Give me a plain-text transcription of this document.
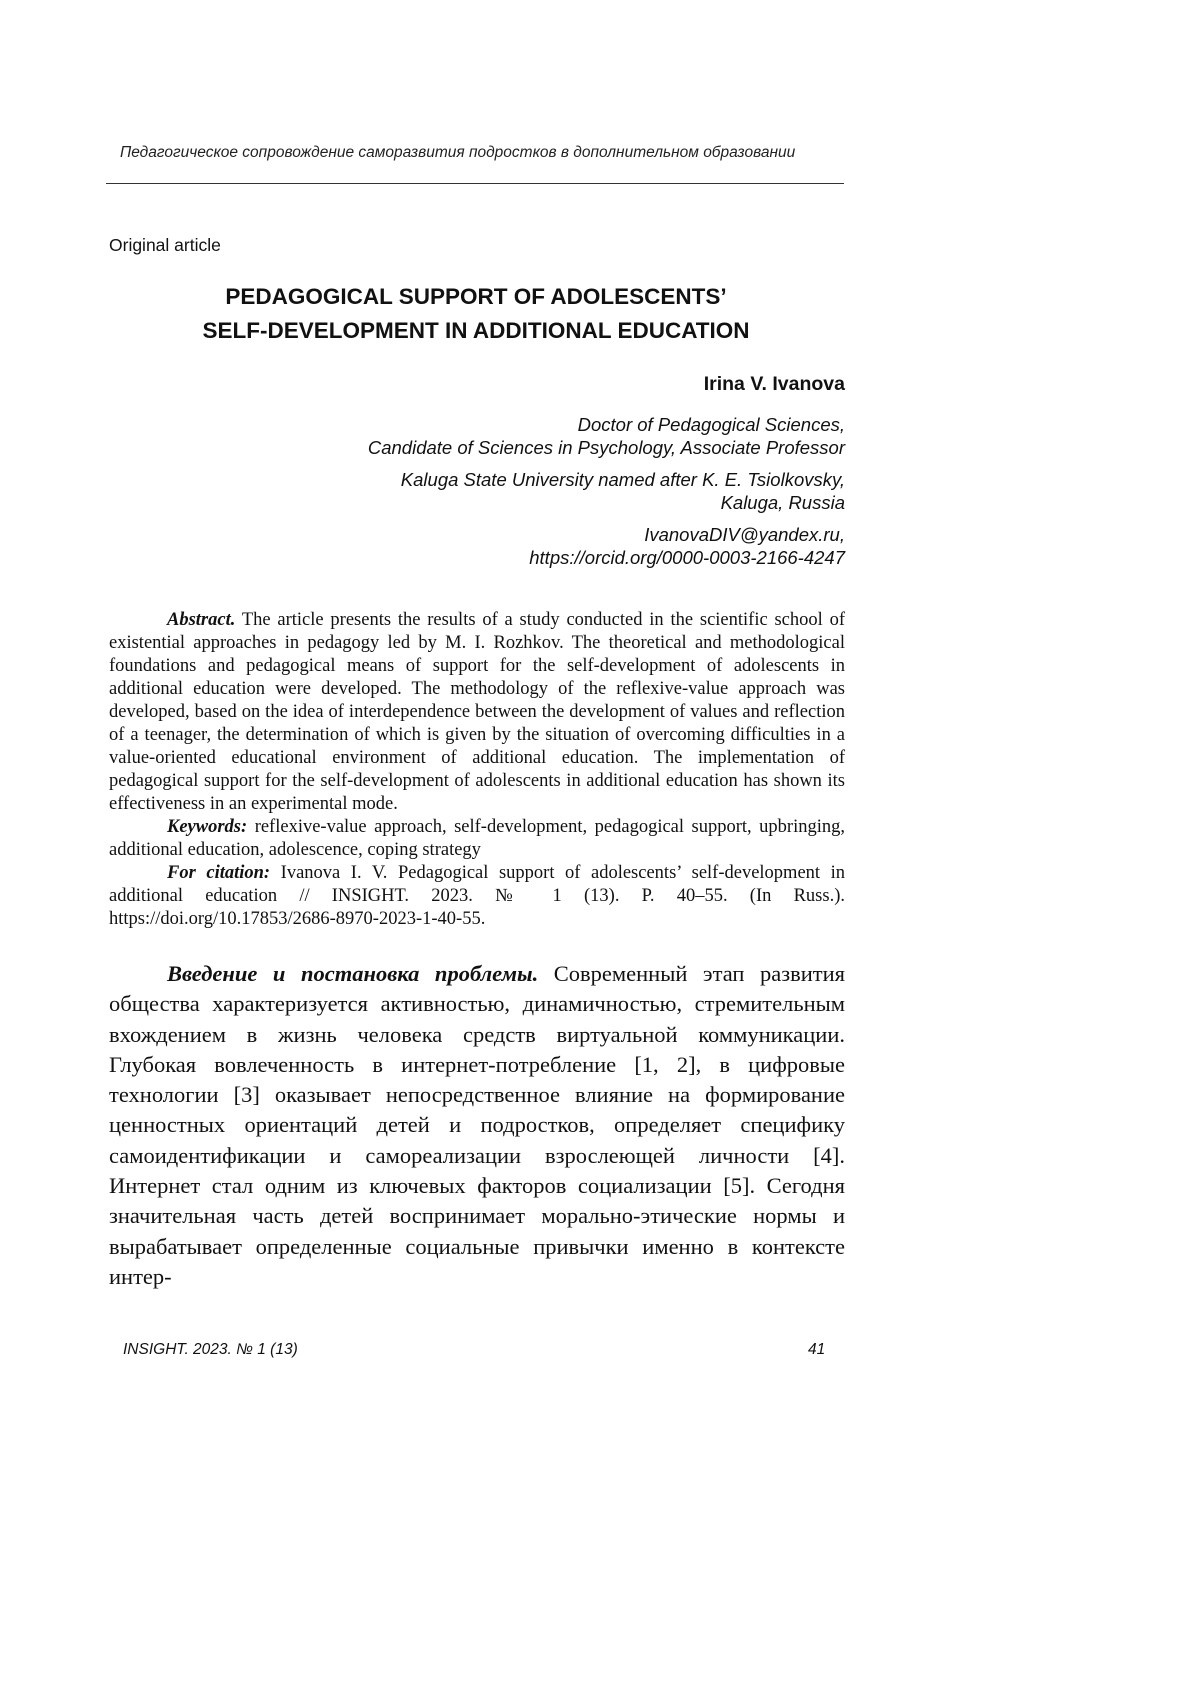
Педагогическое сопровождение саморазвития подростков в дополнительном образовании
Original article
PEDAGOGICAL SUPPORT OF ADOLESCENTS’
SELF-DEVELOPMENT IN ADDITIONAL EDUCATION
Irina V. Ivanova
Doctor of Pedagogical Sciences,
Candidate of Sciences in Psychology, Associate Professor
Kaluga State University named after K. E. Tsiolkovsky,
Kaluga, Russia
IvanovaDIV@yandex.ru,
https://orcid.org/0000-0003-2166-4247

Abstract. The article presents the results of a study conducted in the scientific school of existential approaches in pedagogy led by M. I. Rozhkov. The theoretical and methodological foundations and pedagogical means of support for the self-development of adolescents in additional education were developed. The methodology of the reflexive-value approach was developed, based on the idea of interdependence between the development of values and reflection of a teenager, the determination of which is given by the situation of overcoming difficulties in a value-oriented educational environment of additional education. The implementation of pedagogical support for the self-development of adolescents in additional education has shown its effectiveness in an experimental mode.

Keywords: reflexive-value approach, self-development, pedagogical support, upbringing, additional education, adolescence, coping strategy

For citation: Ivanova I. V. Pedagogical support of adolescents’ self-development in additional education // INSIGHT. 2023. № 1 (13). P. 40–55. (In Russ.). https://doi.org/10.17853/2686-8970-2023-1-40-55.

Введение и постановка проблемы. Современный этап развития общества характеризуется активностью, динамичностью, стремительным вхождением в жизнь человека средств виртуальной коммуникации. Глубокая вовлеченность в интернет-потребление [1, 2], в цифровые технологии [3] оказывает непосредственное влияние на формирование ценностных ориентаций детей и подростков, определяет специфику самоидентификации и самореализации взрослеющей личности [4]. Интернет стал одним из ключевых факторов социализации [5]. Сегодня значительная часть детей воспринимает морально-этические нормы и вырабатывает определенные социальные привычки именно в контексте интер-

INSIGHT. 2023. № 1 (13)	41
